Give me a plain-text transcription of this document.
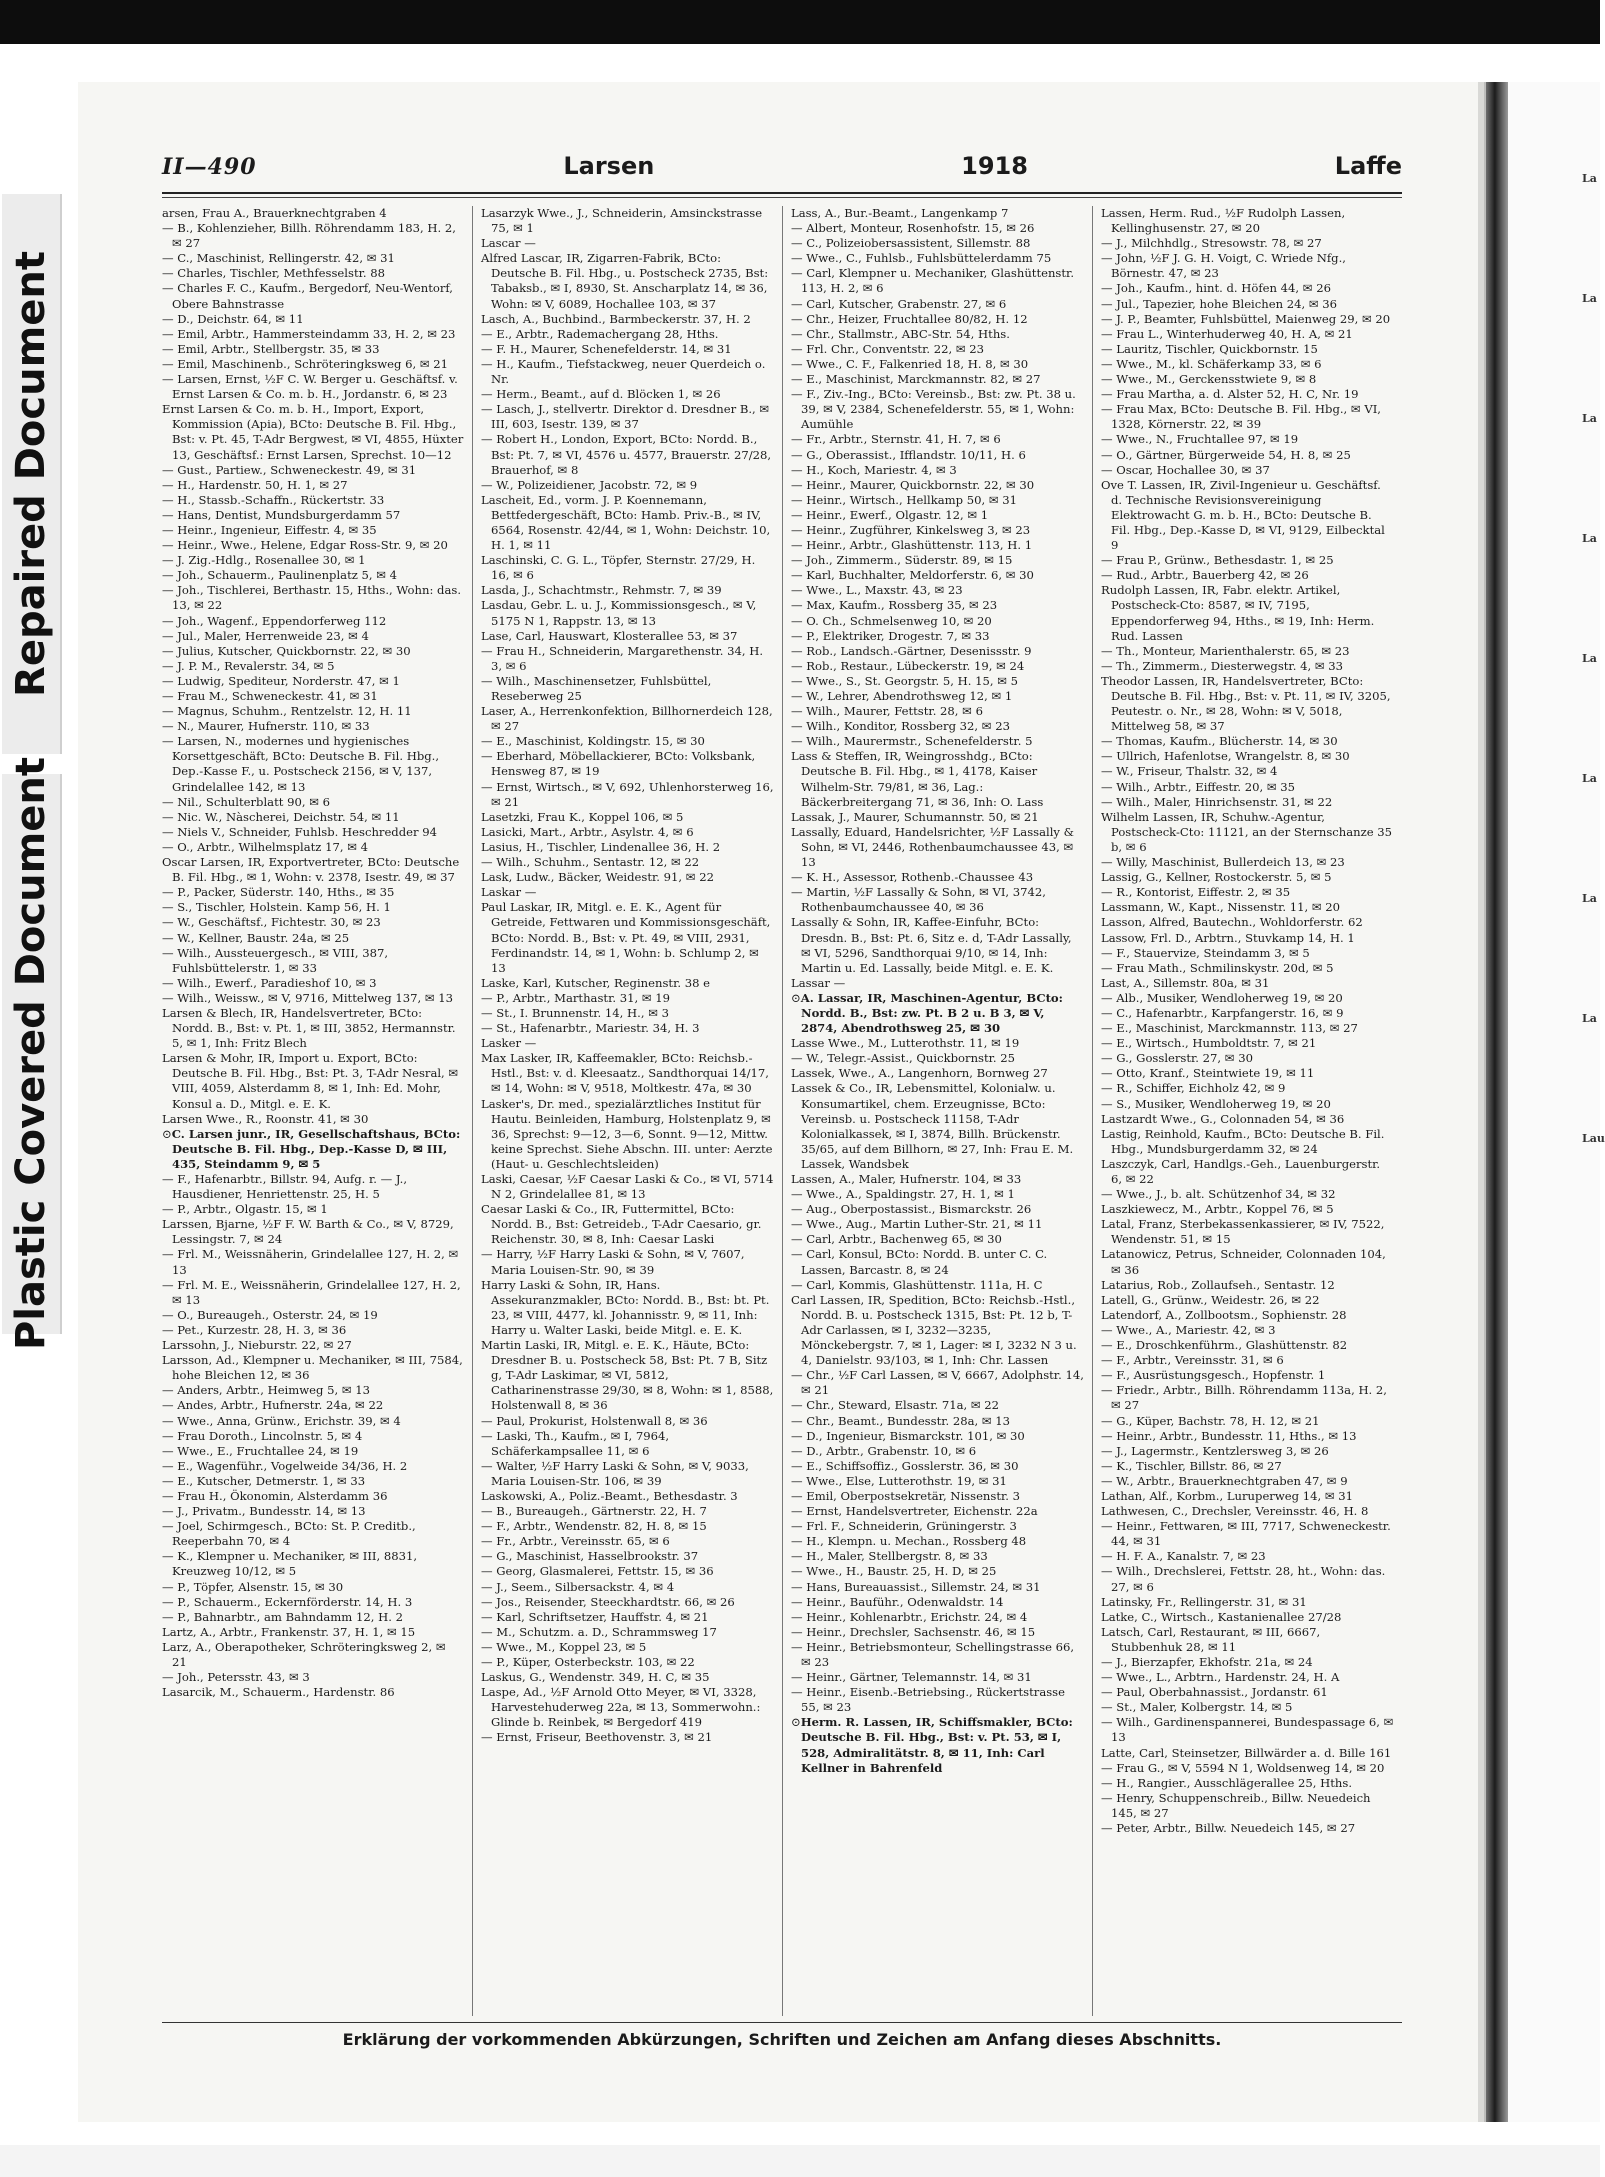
Repaired Document
Plastic Covered Document
II—490	Larsen	1918	Laffe

arsen, Frau A., Brauerknechtgraben 4

— B., Kohlenzieher, Billh. Röhrendamm 183, H. 2, ✉ 27

— C., Maschinist, Rellingerstr. 42, ✉ 31

— Charles, Tischler, Methfesselstr. 88

— Charles F. C., Kaufm., Bergedorf, Neu-Wentorf, Obere Bahnstrasse

— D., Deichstr. 64, ✉ 11

— Emil, Arbtr., Hammersteindamm 33, H. 2, ✉ 23

— Emil, Arbtr., Stellbergstr. 35, ✉ 33

— Emil, Maschinenb., Schröteringksweg 6, ✉ 21

— Larsen, Ernst, ½F C. W. Berger u. Geschäftsf. v. Ernst Larsen & Co. m. b. H., Jordanstr. 6, ✉ 23

Ernst Larsen & Co. m. b. H., Import, Export, Kommission (Apia), BCto: Deutsche B. Fil. Hbg., Bst: v. Pt. 45, T-Adr Bergwest, ✉ VI, 4855, Hüxter 13, Geschäftsf.: Ernst Larsen, Sprechst. 10—12

— Gust., Partiew., Schweneckestr. 49, ✉ 31

— H., Hardenstr. 50, H. 1, ✉ 27

— H., Stassb.-Schaffn., Rückertstr. 33

— Hans, Dentist, Mundsburgerdamm 57

— Heinr., Ingenieur, Eiffestr. 4, ✉ 35

— Heinr., Wwe., Helene, Edgar Ross-Str. 9, ✉ 20

— J. Zig.-Hdlg., Rosenallee 30, ✉ 1

— Joh., Schauerm., Paulinenplatz 5, ✉ 4

— Joh., Tischlerei, Berthastr. 15, Hths., Wohn: das. 13, ✉ 22

— Joh., Wagenf., Eppendorferweg 112

— Jul., Maler, Herrenweide 23, ✉ 4

— Julius, Kutscher, Quickbornstr. 22, ✉ 30

— J. P. M., Revalerstr. 34, ✉ 5

— Ludwig, Spediteur, Norderstr. 47, ✉ 1

— Frau M., Schweneckestr. 41, ✉ 31

— Magnus, Schuhm., Rentzelstr. 12, H. 11

— N., Maurer, Hufnerstr. 110, ✉ 33

— Larsen, N., modernes und hygienisches Korsettgeschäft, BCto: Deutsche B. Fil. Hbg., Dep.-Kasse F., u. Postscheck 2156, ✉ V, 137, Grindelallee 142, ✉ 13

— Nil., Schulterblatt 90, ✉ 6

— Nic. W., Nàscherei, Deichstr. 54, ✉ 11

— Niels V., Schneider, Fuhlsb. Heschredder 94

— O., Arbtr., Wilhelmsplatz 17, ✉ 4

Oscar Larsen, IR, Exportvertreter, BCto: Deutsche B. Fil. Hbg., ✉ 1, Wohn: v. 2378, Isestr. 49, ✉ 37

— P., Packer, Süderstr. 140, Hths., ✉ 35

— S., Tischler, Holstein. Kamp 56, H. 1

— W., Geschäftsf., Fichtestr. 30, ✉ 23

— W., Kellner, Baustr. 24a, ✉ 25

— Wilh., Aussteuergesch., ✉ VIII, 387, Fuhlsbüttelerstr. 1, ✉ 33

— Wilh., Ewerf., Paradieshof 10, ✉ 3

— Wilh., Weissw., ✉ V, 9716, Mittelweg 137, ✉ 13

Larsen & Blech, IR, Handelsvertreter, BCto: Nordd. B., Bst: v. Pt. 1, ✉ III, 3852, Hermannstr. 5, ✉ 1, Inh: Fritz Blech

Larsen & Mohr, IR, Import u. Export, BCto: Deutsche B. Fil. Hbg., Bst: Pt. 3, T-Adr Nesral, ✉ VIII, 4059, Alsterdamm 8, ✉ 1, Inh: Ed. Mohr, Konsul a. D., Mitgl. e. E. K.

Larsen Wwe., R., Roonstr. 41, ✉ 30

⊙ C. Larsen junr., IR, Gesellschaftshaus, BCto: Deutsche B. Fil. Hbg., Dep.-Kasse D, ✉ III, 435, Steindamm 9, ✉ 5

— F., Hafenarbtr., Billstr. 94, Aufg. r. — J., Hausdiener, Henriettenstr. 25, H. 5

— P., Arbtr., Olgastr. 15, ✉ 1

Larssen, Bjarne, ½F F. W. Barth & Co., ✉ V, 8729, Lessingstr. 7, ✉ 24

— Frl. M., Weissnäherin, Grindelallee 127, H. 2, ✉ 13

— Frl. M. E., Weissnäherin, Grindelallee 127, H. 2, ✉ 13

— O., Bureaugeh., Osterstr. 24, ✉ 19

— Pet., Kurzestr. 28, H. 3, ✉ 36

Larssohn, J., Nieburstr. 22, ✉ 27

Larsson, Ad., Klempner u. Mechaniker, ✉ III, 7584, hohe Bleichen 12, ✉ 36

— Anders, Arbtr., Heimweg 5, ✉ 13

— Andes, Arbtr., Hufnerstr. 24a, ✉ 22

— Wwe., Anna, Grünw., Erichstr. 39, ✉ 4

— Frau Doroth., Lincolnstr. 5, ✉ 4

— Wwe., E., Fruchtallee 24, ✉ 19

— E., Wagenführ., Vogelweide 34/36, H. 2

— E., Kutscher, Detmerstr. 1, ✉ 33

— Frau H., Ökonomin, Alsterdamm 36

— J., Privatm., Bundesstr. 14, ✉ 13

— Joel, Schirmgesch., BCto: St. P. Creditb., Reeperbahn 70, ✉ 4

— K., Klempner u. Mechaniker, ✉ III, 8831, Kreuzweg 10/12, ✉ 5

— P., Töpfer, Alsenstr. 15, ✉ 30

— P., Schauerm., Eckernförderstr. 14, H. 3

— P., Bahnarbtr., am Bahndamm 12, H. 2

Lartz, A., Arbtr., Frankenstr. 37, H. 1, ✉ 15

Larz, A., Oberapotheker, Schröteringksweg 2, ✉ 21

— Joh., Petersstr. 43, ✉ 3

Lasarcik, M., Schauerm., Hardenstr. 86

Lasarzyk Wwe., J., Schneiderin, Amsinckstrasse 75, ✉ 1

Lascar —

Alfred Lascar, IR, Zigarren-Fabrik, BCto: Deutsche B. Fil. Hbg., u. Postscheck 2735, Bst: Tabaksb., ✉ I, 8930, St. Anscharplatz 14, ✉ 36, Wohn: ✉ V, 6089, Hochallee 103, ✉ 37

Lasch, A., Buchbind., Barmbeckerstr. 37, H. 2

— E., Arbtr., Rademachergang 28, Hths.

— F. H., Maurer, Schenefelderstr. 14, ✉ 31

— H., Kaufm., Tiefstackweg, neuer Querdeich o. Nr.

— Herm., Beamt., auf d. Blöcken 1, ✉ 26

— Lasch, J., stellvertr. Direktor d. Dresdner B., ✉ III, 603, Isestr. 139, ✉ 37

— Robert H., London, Export, BCto: Nordd. B., Bst: Pt. 7, ✉ VI, 4576 u. 4577, Brauerstr. 27/28, Brauerhof, ✉ 8

— W., Polizeidiener, Jacobstr. 72, ✉ 9

Lascheit, Ed., vorm. J. P. Koennemann, Bettfedergeschäft, BCto: Hamb. Priv.-B., ✉ IV, 6564, Rosenstr. 42/44, ✉ 1, Wohn: Deichstr. 10, H. 1, ✉ 11

Laschinski, C. G. L., Töpfer, Sternstr. 27/29, H. 16, ✉ 6

Lasda, J., Schachtmstr., Rehmstr. 7, ✉ 39

Lasdau, Gebr. L. u. J., Kommissionsgesch., ✉ V, 5175 N 1, Rappstr. 13, ✉ 13

Lase, Carl, Hauswart, Klosterallee 53, ✉ 37

— Frau H., Schneiderin, Margarethenstr. 34, H. 3, ✉ 6

— Wilh., Maschinensetzer, Fuhlsbüttel, Reseberweg 25

Laser, A., Herrenkonfektion, Billhornerdeich 128, ✉ 27

— E., Maschinist, Koldingstr. 15, ✉ 30

— Eberhard, Möbellackierer, BCto: Volksbank, Hensweg 87, ✉ 19

— Ernst, Wirtsch., ✉ V, 692, Uhlenhorsterweg 16, ✉ 21

Lasetzki, Frau K., Koppel 106, ✉ 5

Lasicki, Mart., Arbtr., Asylstr. 4, ✉ 6

Lasius, H., Tischler, Lindenallee 36, H. 2

— Wilh., Schuhm., Sentastr. 12, ✉ 22

Lask, Ludw., Bäcker, Weidestr. 91, ✉ 22

Laskar —

Paul Laskar, IR, Mitgl. e. E. K., Agent für Getreide, Fettwaren und Kommissionsgeschäft, BCto: Nordd. B., Bst: v. Pt. 49, ✉ VIII, 2931, Ferdinandstr. 14, ✉ 1, Wohn: b. Schlump 2, ✉ 13

Laske, Karl, Kutscher, Reginenstr. 38 e

— P., Arbtr., Marthastr. 31, ✉ 19

— St., I. Brunnenstr. 14, H., ✉ 3

— St., Hafenarbtr., Mariestr. 34, H. 3

Lasker —

Max Lasker, IR, Kaffeemakler, BCto: Reichsb.-Hstl., Bst: v. d. Kleesaatz., Sandthorquai 14/17, ✉ 14, Wohn: ✉ V, 9518, Moltkestr. 47a, ✉ 30

Lasker's, Dr. med., spezialärztliches Institut für Hautu. Beinleiden, Hamburg, Holstenplatz 9, ✉ 36, Sprechst: 9—12, 3—6, Sonnt. 9—12, Mittw. keine Sprechst. Siehe Abschn. III. unter: Aerzte (Haut- u. Geschlechtsleiden)

Laski, Caesar, ½F Caesar Laski & Co., ✉ VI, 5714 N 2, Grindelallee 81, ✉ 13

Caesar Laski & Co., IR, Futtermittel, BCto: Nordd. B., Bst: Getreideb., T-Adr Caesario, gr. Reichenstr. 30, ✉ 8, Inh: Caesar Laski

— Harry, ½F Harry Laski & Sohn, ✉ V, 7607, Maria Louisen-Str. 90, ✉ 39

Harry Laski & Sohn, IR, Hans. Assekuranzmakler, BCto: Nordd. B., Bst: bt. Pt. 23, ✉ VIII, 4477, kl. Johannisstr. 9, ✉ 11, Inh: Harry u. Walter Laski, beide Mitgl. e. E. K.

Martin Laski, IR, Mitgl. e. E. K., Häute, BCto: Dresdner B. u. Postscheck 58, Bst: Pt. 7 B, Sitz g, T-Adr Laskimar, ✉ VI, 5812, Catharinenstrasse 29/30, ✉ 8, Wohn: ✉ 1, 8588, Holstenwall 8, ✉ 36

— Paul, Prokurist, Holstenwall 8, ✉ 36

— Laski, Th., Kaufm., ✉ I, 7964, Schäferkampsallee 11, ✉ 6

— Walter, ½F Harry Laski & Sohn, ✉ V, 9033, Maria Louisen-Str. 106, ✉ 39

Laskowski, A., Poliz.-Beamt., Bethesdastr. 3

— B., Bureaugeh., Gärtnerstr. 22, H. 7

— F., Arbtr., Wendenstr. 82, H. 8, ✉ 15

— Fr., Arbtr., Vereinsstr. 65, ✉ 6

— G., Maschinist, Hasselbrookstr. 37

— Georg, Glasmalerei, Fettstr. 15, ✉ 36

— J., Seem., Silbersackstr. 4, ✉ 4

— Jos., Reisender, Steeckhardtstr. 66, ✉ 26

— Karl, Schriftsetzer, Hauffstr. 4, ✉ 21

— M., Schutzm. a. D., Schrammsweg 17

— Wwe., M., Koppel 23, ✉ 5

— P., Küper, Osterbeckstr. 103, ✉ 22

Laskus, G., Wendenstr. 349, H. C, ✉ 35

Laspe, Ad., ½F Arnold Otto Meyer, ✉ VI, 3328, Harvestehuderweg 22a, ✉ 13, Sommerwohn.: Glinde b. Reinbek, ✉ Bergedorf 419

— Ernst, Friseur, Beethovenstr. 3, ✉ 21

Lass, A., Bur.-Beamt., Langenkamp 7

— Albert, Monteur, Rosenhofstr. 15, ✉ 26

— C., Polizeiobersassistent, Sillemstr. 88

— Wwe., C., Fuhlsb., Fuhlsbüttelerdamm 75

— Carl, Klempner u. Mechaniker, Glashüttenstr. 113, H. 2, ✉ 6

— Carl, Kutscher, Grabenstr. 27, ✉ 6

— Chr., Heizer, Fruchtallee 80/82, H. 12

— Chr., Stallmstr., ABC-Str. 54, Hths.

— Frl. Chr., Conventstr. 22, ✉ 23

— Wwe., C. F., Falkenried 18, H. 8, ✉ 30

— E., Maschinist, Marckmannstr. 82, ✉ 27

— F., Ziv.-Ing., BCto: Vereinsb., Bst: zw. Pt. 38 u. 39, ✉ V, 2384, Schenefelderstr. 55, ✉ 1, Wohn: Aumühle

— Fr., Arbtr., Sternstr. 41, H. 7, ✉ 6

— G., Oberassist., Ifflandstr. 10/11, H. 6

— H., Koch, Mariestr. 4, ✉ 3

— Heinr., Maurer, Quickbornstr. 22, ✉ 30

— Heinr., Wirtsch., Hellkamp 50, ✉ 31

— Heinr., Ewerf., Olgastr. 12, ✉ 1

— Heinr., Zugführer, Kinkelsweg 3, ✉ 23

— Heinr., Arbtr., Glashüttenstr. 113, H. 1

— Joh., Zimmerm., Süderstr. 89, ✉ 15

— Karl, Buchhalter, Meldorferstr. 6, ✉ 30

— Wwe., L., Maxstr. 43, ✉ 23

— Max, Kaufm., Rossberg 35, ✉ 23

— O. Ch., Schmelsenweg 10, ✉ 20

— P., Elektriker, Drogestr. 7, ✉ 33

— Rob., Landsch.-Gärtner, Desenissstr. 9

— Rob., Restaur., Lübeckerstr. 19, ✉ 24

— Wwe., S., St. Georgstr. 5, H. 15, ✉ 5

— W., Lehrer, Abendrothsweg 12, ✉ 1

— Wilh., Maurer, Fettstr. 28, ✉ 6

— Wilh., Konditor, Rossberg 32, ✉ 23

— Wilh., Maurermstr., Schenefelderstr. 5

Lass & Steffen, IR, Weingrosshdg., BCto: Deutsche B. Fil. Hbg., ✉ 1, 4178, Kaiser Wilhelm-Str. 79/81, ✉ 36, Lag.: Bäckerbreitergang 71, ✉ 36, Inh: O. Lass

Lassak, J., Maurer, Schumannstr. 50, ✉ 21

Lassally, Eduard, Handelsrichter, ½F Lassally & Sohn, ✉ VI, 2446, Rothenbaumchaussee 43, ✉ 13

— K. H., Assessor, Rothenb.-Chaussee 43

— Martin, ½F Lassally & Sohn, ✉ VI, 3742, Rothenbaumchaussee 40, ✉ 36

Lassally & Sohn, IR, Kaffee-Einfuhr, BCto: Dresdn. B., Bst: Pt. 6, Sitz e. d, T-Adr Lassally, ✉ VI, 5296, Sandthorquai 9/10, ✉ 14, Inh: Martin u. Ed. Lassally, beide Mitgl. e. E. K.

Lassar —

⊙ A. Lassar, IR, Maschinen-Agentur, BCto: Nordd. B., Bst: zw. Pt. B 2 u. B 3, ✉ V, 2874, Abendrothsweg 25, ✉ 30

Lasse Wwe., M., Lutterothstr. 11, ✉ 19

— W., Telegr.-Assist., Quickbornstr. 25

Lassek, Wwe., A., Langenhorn, Bornweg 27

Lassek & Co., IR, Lebensmittel, Kolonialw. u. Konsumartikel, chem. Erzeugnisse, BCto: Vereinsb. u. Postscheck 11158, T-Adr Kolonialkassek, ✉ I, 3874, Billh. Brückenstr. 35/65, auf dem Billhorn, ✉ 27, Inh: Frau E. M. Lassek, Wandsbek

Lassen, A., Maler, Hufnerstr. 104, ✉ 33

— Wwe., A., Spaldingstr. 27, H. 1, ✉ 1

— Aug., Oberpostassist., Bismarckstr. 26

— Wwe., Aug., Martin Luther-Str. 21, ✉ 11

— Carl, Arbtr., Bachenweg 65, ✉ 30

— Carl, Konsul, BCto: Nordd. B. unter C. C. Lassen, Barcastr. 8, ✉ 24

— Carl, Kommis, Glashüttenstr. 111a, H. C

Carl Lassen, IR, Spedition, BCto: Reichsb.-Hstl., Nordd. B. u. Postscheck 1315, Bst: Pt. 12 b, T-Adr Carlassen, ✉ I, 3232—3235, Mönckebergstr. 7, ✉ 1, Lager: ✉ I, 3232 N 3 u. 4, Danielstr. 93/103, ✉ 1, Inh: Chr. Lassen

— Chr., ½F Carl Lassen, ✉ V, 6667, Adolphstr. 14, ✉ 21

— Chr., Steward, Elsastr. 71a, ✉ 22

— Chr., Beamt., Bundesstr. 28a, ✉ 13

— D., Ingenieur, Bismarckstr. 101, ✉ 30

— D., Arbtr., Grabenstr. 10, ✉ 6

— E., Schiffsoffiz., Gosslerstr. 36, ✉ 30

— Wwe., Else, Lutterothstr. 19, ✉ 31

— Emil, Oberpostsekretär, Nissenstr. 3

— Ernst, Handelsvertreter, Eichenstr. 22a

— Frl. F., Schneiderin, Grüningerstr. 3

— H., Klempn. u. Mechan., Rossberg 48

— H., Maler, Stellbergstr. 8, ✉ 33

— Wwe., H., Baustr. 25, H. D, ✉ 25

— Hans, Bureauassist., Sillemstr. 24, ✉ 31

— Heinr., Bauführ., Odenwaldstr. 14

— Heinr., Kohlenarbtr., Erichstr. 24, ✉ 4

— Heinr., Drechsler, Sachsenstr. 46, ✉ 15

— Heinr., Betriebsmonteur, Schellingstrasse 66, ✉ 23

— Heinr., Gärtner, Telemannstr. 14, ✉ 31

— Heinr., Eisenb.-Betriebsing., Rückertstrasse 55, ✉ 23

⊙ Herm. R. Lassen, IR, Schiffsmakler, BCto: Deutsche B. Fil. Hbg., Bst: v. Pt. 53, ✉ I, 528, Admiralitätstr. 8, ✉ 11, Inh: Carl Kellner in Bahrenfeld

Lassen, Herm. Rud., ½F Rudolph Lassen, Kellinghusenstr. 27, ✉ 20

— J., Milchhdlg., Stresowstr. 78, ✉ 27

— John, ½F J. G. H. Voigt, C. Wriede Nfg., Börnestr. 47, ✉ 23

— Joh., Kaufm., hint. d. Höfen 44, ✉ 26

— Jul., Tapezier, hohe Bleichen 24, ✉ 36

— J. P., Beamter, Fuhlsbüttel, Maienweg 29, ✉ 20

— Frau L., Winterhuderweg 40, H. A, ✉ 21

— Lauritz, Tischler, Quickbornstr. 15

— Wwe., M., kl. Schäferkamp 33, ✉ 6

— Wwe., M., Gerckensstwiete 9, ✉ 8

— Frau Martha, a. d. Alster 52, H. C, Nr. 19

— Frau Max, BCto: Deutsche B. Fil. Hbg., ✉ VI, 1328, Körnerstr. 22, ✉ 39

— Wwe., N., Fruchtallee 97, ✉ 19

— O., Gärtner, Bürgerweide 54, H. 8, ✉ 25

— Oscar, Hochallee 30, ✉ 37

Ove T. Lassen, IR, Zivil-Ingenieur u. Geschäftsf. d. Technische Revisionsvereinigung Elektrowacht G. m. b. H., BCto: Deutsche B. Fil. Hbg., Dep.-Kasse D, ✉ VI, 9129, Eilbecktal 9

— Frau P., Grünw., Bethesdastr. 1, ✉ 25

— Rud., Arbtr., Bauerberg 42, ✉ 26

Rudolph Lassen, IR, Fabr. elektr. Artikel, Postscheck-Cto: 8587, ✉ IV, 7195, Eppendorferweg 94, Hths., ✉ 19, Inh: Herm. Rud. Lassen

— Th., Monteur, Marienthalerstr. 65, ✉ 23

— Th., Zimmerm., Diesterwegstr. 4, ✉ 33

Theodor Lassen, IR, Handelsvertreter, BCto: Deutsche B. Fil. Hbg., Bst: v. Pt. 11, ✉ IV, 3205, Peutestr. o. Nr., ✉ 28, Wohn: ✉ V, 5018, Mittelweg 58, ✉ 37

— Thomas, Kaufm., Blücherstr. 14, ✉ 30

— Ullrich, Hafenlotse, Wrangelstr. 8, ✉ 30

— W., Friseur, Thalstr. 32, ✉ 4

— Wilh., Arbtr., Eiffestr. 20, ✉ 35

— Wilh., Maler, Hinrichsenstr. 31, ✉ 22

Wilhelm Lassen, IR, Schuhw.-Agentur, Postscheck-Cto: 11121, an der Sternschanze 35 b, ✉ 6

— Willy, Maschinist, Bullerdeich 13, ✉ 23

Lassig, G., Kellner, Rostockerstr. 5, ✉ 5

— R., Kontorist, Eiffestr. 2, ✉ 35

Lassmann, W., Kapt., Nissenstr. 11, ✉ 20

Lasson, Alfred, Bautechn., Wohldorferstr. 62

Lassow, Frl. D., Arbtrn., Stuvkamp 14, H. 1

— F., Stauervize, Steindamm 3, ✉ 5

— Frau Math., Schmilinskystr. 20d, ✉ 5

Last, A., Sillemstr. 80a, ✉ 31

— Alb., Musiker, Wendloherweg 19, ✉ 20

— C., Hafenarbtr., Karpfangerstr. 16, ✉ 9

— E., Maschinist, Marckmannstr. 113, ✉ 27

— E., Wirtsch., Humboldtstr. 7, ✉ 21

— G., Gosslerstr. 27, ✉ 30

— Otto, Kranf., Steintwiete 19, ✉ 11

— R., Schiffer, Eichholz 42, ✉ 9

— S., Musiker, Wendloherweg 19, ✉ 20

Lastzardt Wwe., G., Colonnaden 54, ✉ 36

Lastig, Reinhold, Kaufm., BCto: Deutsche B. Fil. Hbg., Mundsburgerdamm 32, ✉ 24

Laszczyk, Carl, Handlgs.-Geh., Lauenburgerstr. 6, ✉ 22

— Wwe., J., b. alt. Schützenhof 34, ✉ 32

Laszkiewecz, M., Arbtr., Koppel 76, ✉ 5

Latal, Franz, Sterbekassenkassierer, ✉ IV, 7522, Wendenstr. 51, ✉ 15

Latanowicz, Petrus, Schneider, Colonnaden 104, ✉ 36

Latarius, Rob., Zollaufseh., Sentastr. 12

Latell, G., Grünw., Weidestr. 26, ✉ 22

Latendorf, A., Zollbootsm., Sophienstr. 28

— Wwe., A., Mariestr. 42, ✉ 3

— E., Droschkenführm., Glashüttenstr. 82

— F., Arbtr., Vereinsstr. 31, ✉ 6

— F., Ausrüstungsgesch., Hopfenstr. 1

— Friedr., Arbtr., Billh. Röhrendamm 113a, H. 2, ✉ 27

— G., Küper, Bachstr. 78, H. 12, ✉ 21

— Heinr., Arbtr., Bundesstr. 11, Hths., ✉ 13

— J., Lagermstr., Kentzlersweg 3, ✉ 26

— K., Tischler, Billstr. 86, ✉ 27

— W., Arbtr., Brauerknechtgraben 47, ✉ 9

Lathan, Alf., Korbm., Luruperweg 14, ✉ 31

Lathwesen, C., Drechsler, Vereinsstr. 46, H. 8

— Heinr., Fettwaren, ✉ III, 7717, Schweneckestr. 44, ✉ 31

— H. F. A., Kanalstr. 7, ✉ 23

— Wilh., Drechslerei, Fettstr. 28, ht., Wohn: das. 27, ✉ 6

Latinsky, Fr., Rellingerstr. 31, ✉ 31

Latke, C., Wirtsch., Kastanienallee 27/28

Latsch, Carl, Restaurant, ✉ III, 6667, Stubbenhuk 28, ✉ 11

— J., Bierzapfer, Ekhofstr. 21a, ✉ 24

— Wwe., L., Arbtrn., Hardenstr. 24, H. A

— Paul, Oberbahnassist., Jordanstr. 61

— St., Maler, Kolbergstr. 14, ✉ 5

— Wilh., Gardinenspannerei, Bundespassage 6, ✉ 13

Latte, Carl, Steinsetzer, Billwärder a. d. Bille 161

— Frau G., ✉ V, 5594 N 1, Woldsenweg 14, ✉ 20

— H., Rangier., Ausschlägerallee 25, Hths.

— Henry, Schuppenschreib., Billw. Neuedeich 145, ✉ 27

— Peter, Arbtr., Billw. Neuedeich 145, ✉ 27

Erklärung der vorkommenden Abkürzungen, Schriften und Zeichen am Anfang dieses Abschnitts.
La
La
La
La
La
La
La
La
Lau
